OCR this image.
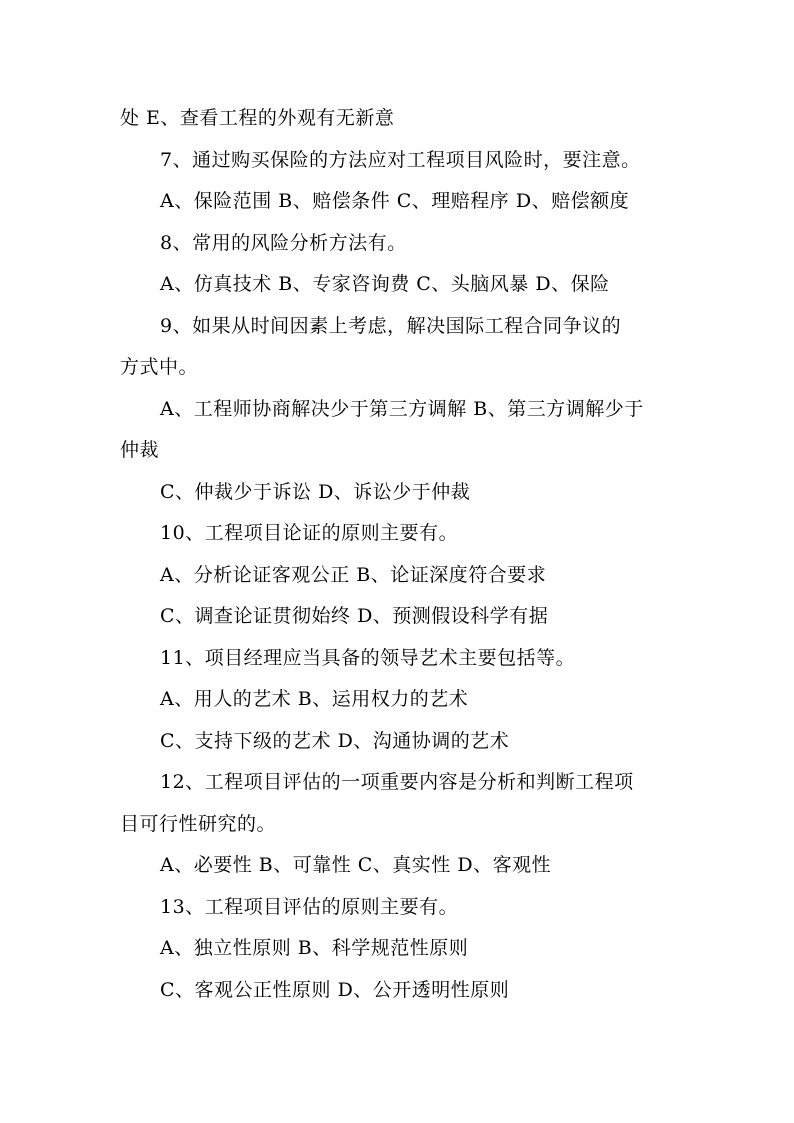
处 E、查看工程的外观有无新意
7、通过购买保险的方法应对工程项目风险时，要注意。
A、保险范围 B、赔偿条件 C、理赔程序 D、赔偿额度
8、常用的风险分析方法有。
A、仿真技术 B、专家咨询费 C、头脑风暴 D、保险
9、如果从时间因素上考虑，解决国际工程合同争议的
方式中。
A、工程师协商解决少于第三方调解 B、第三方调解少于
仲裁
C、仲裁少于诉讼 D、诉讼少于仲裁
10、工程项目论证的原则主要有。
A、分析论证客观公正 B、论证深度符合要求
C、调查论证贯彻始终 D、预测假设科学有据
11、项目经理应当具备的领导艺术主要包括等。
A、用人的艺术 B、运用权力的艺术
C、支持下级的艺术 D、沟通协调的艺术
12、工程项目评估的一项重要内容是分析和判断工程项
目可行性研究的。
A、必要性 B、可靠性 C、真实性 D、客观性
13、工程项目评估的原则主要有。
A、独立性原则 B、科学规范性原则
C、客观公正性原则 D、公开透明性原则
